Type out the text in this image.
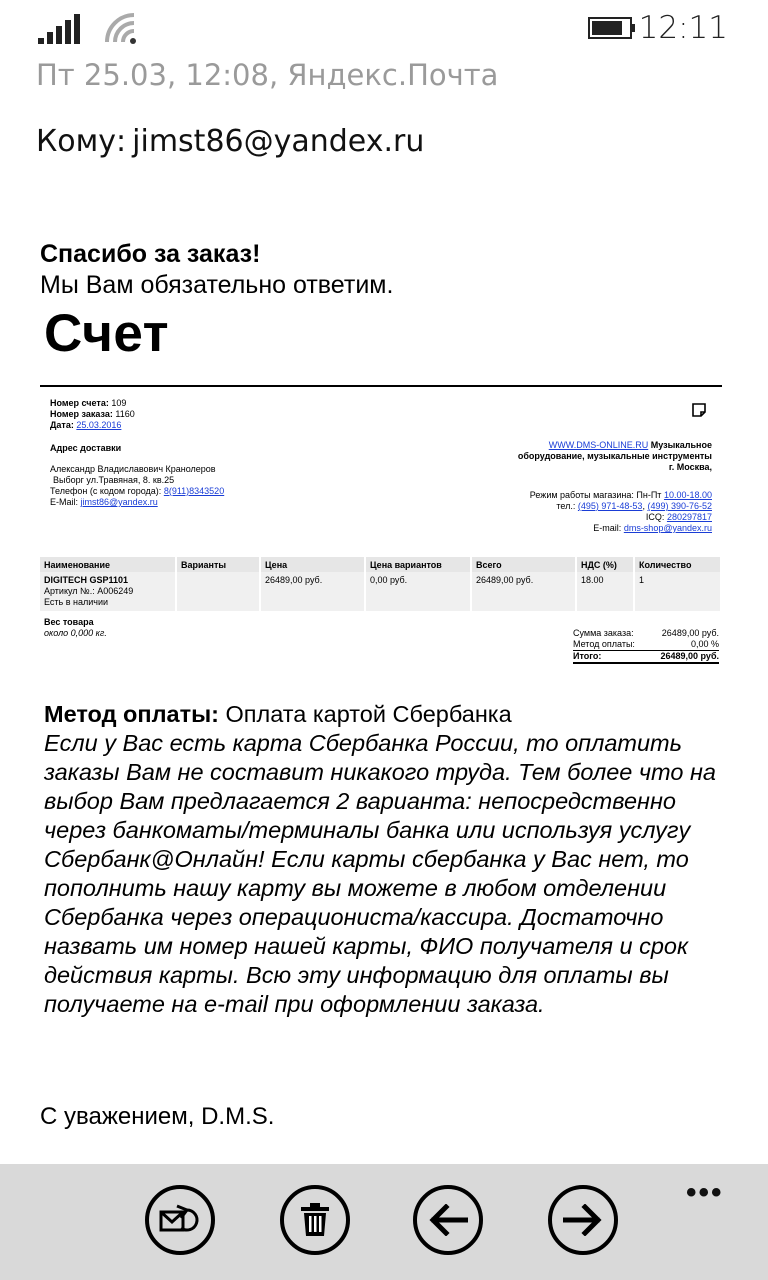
12:11
Пт 25.03, 12:08, Яндекс.Почта
Кому: jimst86@yandex.ru
Спасибо за заказ!
Мы Вам обязательно ответим.
Счет
Номер счета: 109
Номер заказа: 1160
Дата: 25.03.2016
Адрес доставки
Александр Владиславович Кранолеров
Выборг ул.Травяная, 8. кв.25
Телефон (с кодом города): 8(911)8343520
E-Mail: jimst86@yandex.ru
WWW.DMS-ONLINE.RU Музыкальное
оборудование, музыкальные инструменты
г. Москва,
Режим работы магазина: Пн-Пт 10.00-18.00
тел.: (495) 971-48-53, (499) 390-76-52
ICQ: 280297817
E-mail: dms-shop@yandex.ru
Наименование	Варианты	Цена	Цена вариантов	Всего	НДС (%)	Количество

DIGITECH GSP1101
Артикул №.: A006249
Есть в наличии		26489,00 руб.	0,00 руб.	26489,00 руб.	18.00	1
Вес товара
около 0,000 кг.	Сумма заказа:	26489,00 руб.
Метод оплаты:	0,00 %
Итого:	26489,00 руб.
Метод оплаты: Оплата картой Сбербанка
Если у Вас есть карта Сбербанка России, то оплатить заказы Вам не составит никакого труда. Тем более что на выбор Вам предлагается 2 варианта: непосредственно через банкоматы/терминалы банка или используя услугу Сбербанк@Онлайн! Если карты сбербанка у Вас нет, то пополнить нашу карту вы можете в любом отделении Сбербанка через операциониста/кассира. Достаточно назвать им номер нашей карты, ФИО получателя и срок действия карты. Всю эту информацию для оплаты вы получаете на e-mail при оформлении заказа.
С уважением, D.M.S.
•••
